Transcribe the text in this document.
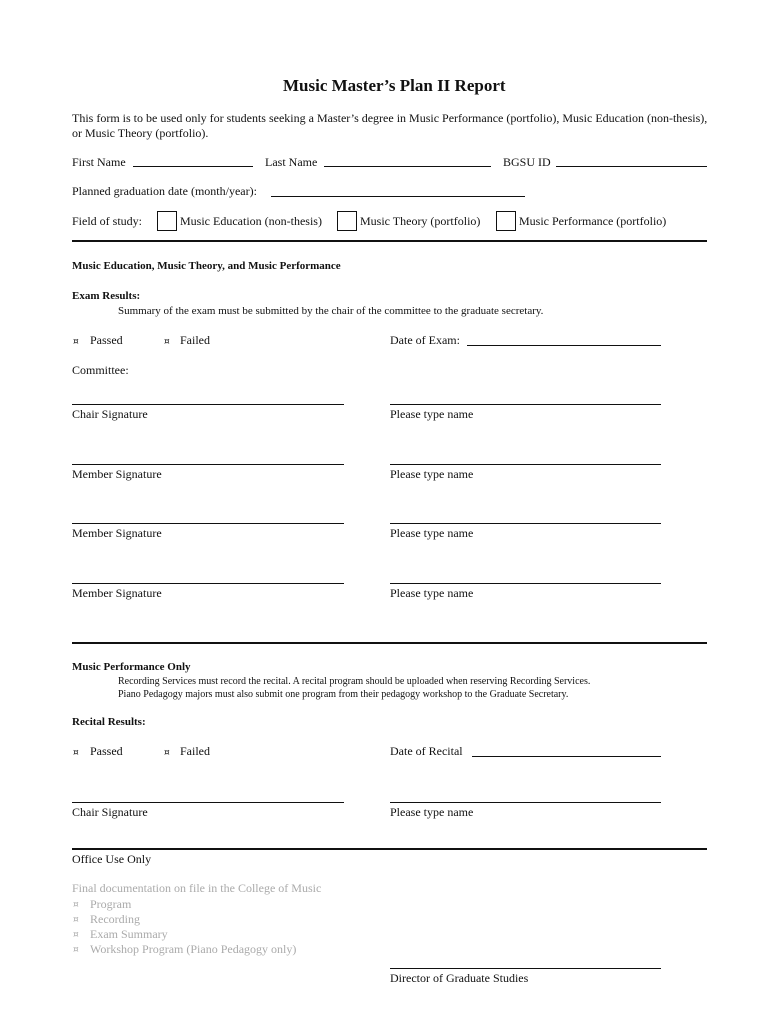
Music Master’s Plan II Report
This form is to be used only for students seeking a Master’s degree in Music Performance (portfolio), Music Education (non-thesis), or Music Theory (portfolio).
First Name	Last Name	BGSU ID
Planned graduation date (month/year):
Field of study:	Music Education (non-thesis)	Music Theory (portfolio)	Music Performance (portfolio)
Music Education, Music Theory, and Music Performance
Exam Results:
Summary of the exam must be submitted by the chair of the committee to the graduate secretary.
¤ Passed	¤ Failed	Date of Exam:
Committee:
Chair Signature	Please type name
Member Signature	Please type name
Member Signature	Please type name
Member Signature	Please type name
Music Performance Only
Recording Services must record the recital. A recital program should be uploaded when reserving Recording Services.
Piano Pedagogy majors must also submit one program from their pedagogy workshop to the Graduate Secretary.
Recital Results:
¤ Passed	¤ Failed	Date of Recital
Chair Signature	Please type name
Office Use Only
Final documentation on file in the College of Music
¤ Program
¤ Recording
¤ Exam Summary
¤ Workshop Program (Piano Pedagogy only)
Director of Graduate Studies
